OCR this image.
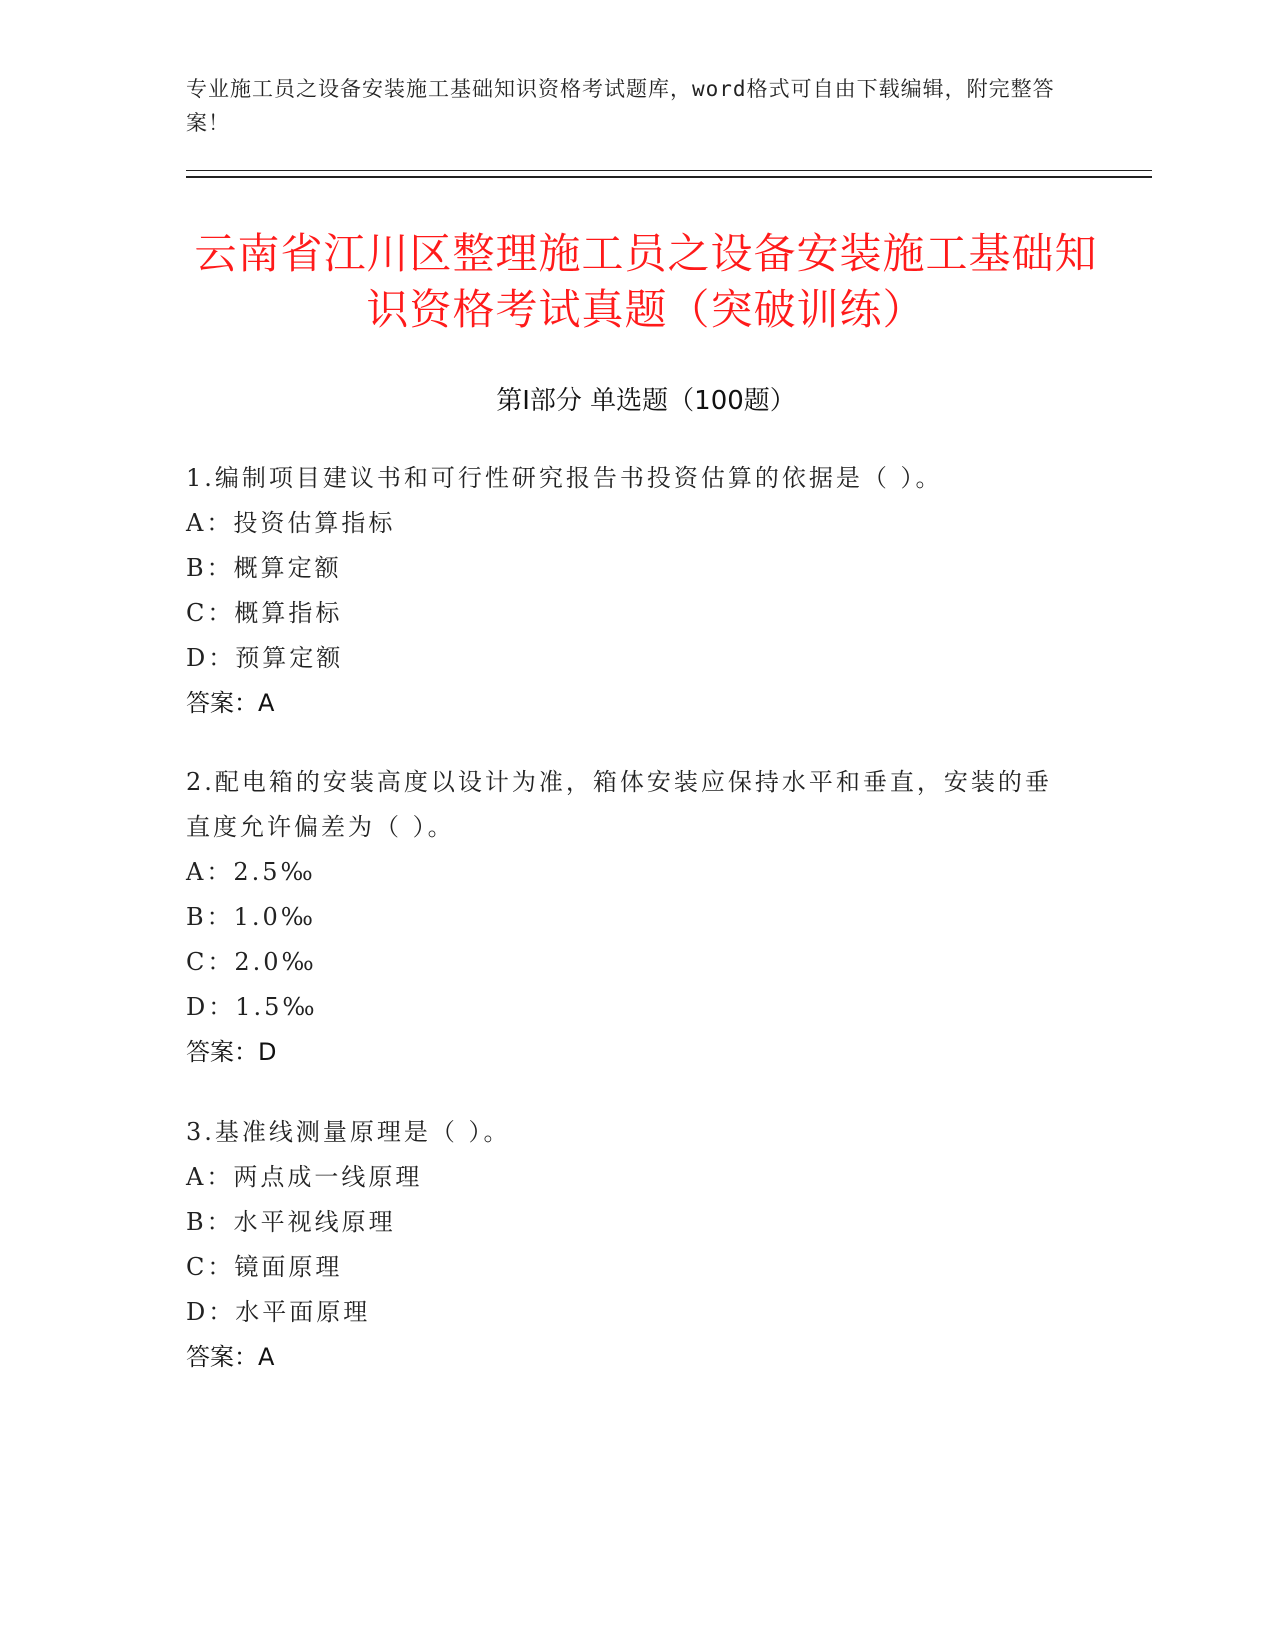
专业施工员之设备安装施工基础知识资格考试题库，word格式可自由下载编辑，附完整答案！
云南省江川区整理施工员之设备安装施工基础知识资格考试真题（突破训练）
第Ⅰ部分 单选题（100题）

1.编制项目建议书和可行性研究报告书投资估算的依据是（ ）。

A：投资估算指标

B：概算定额

C：概算指标

D：预算定额

答案：A

2.配电箱的安装高度以设计为准，箱体安装应保持水平和垂直，安装的垂直度允许偏差为（ ）。

A：2.5‰

B：1.0‰

C：2.0‰

D：1.5‰

答案：D

3.基准线测量原理是（ ）。

A：两点成一线原理

B：水平视线原理

C：镜面原理

D：水平面原理

答案：A
